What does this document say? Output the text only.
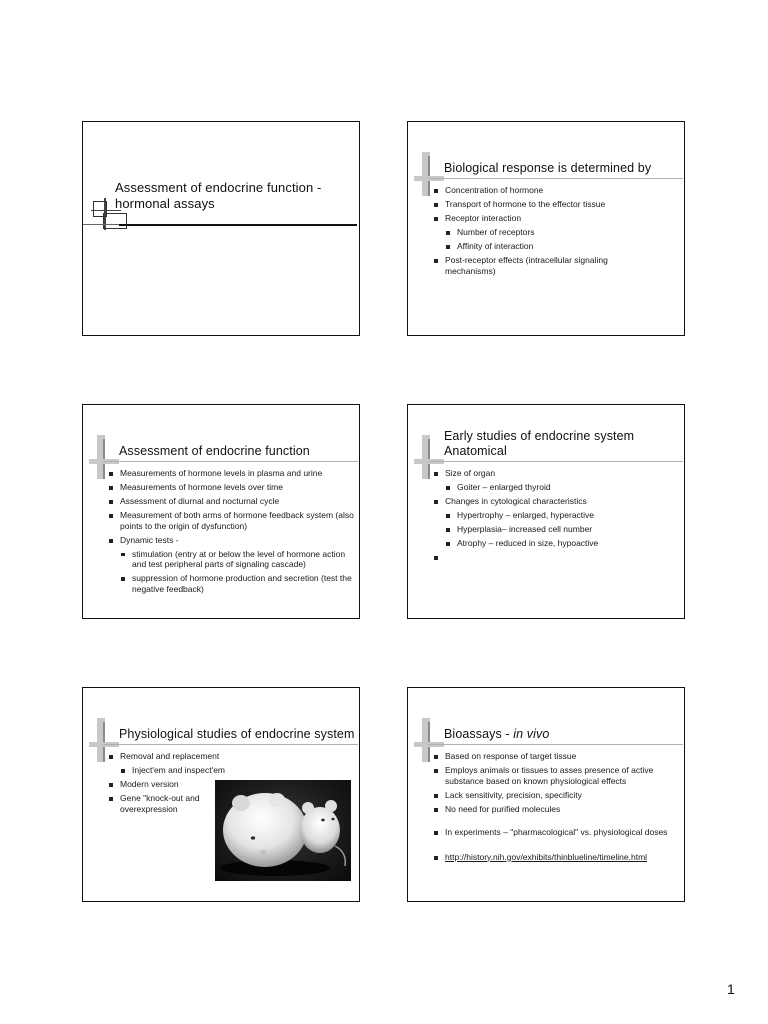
Assessment of endocrine function -
hormonal assays
Biological response is determined by
Concentration of hormone
Transport of hormone to the effector tissue
Receptor interaction
Number of receptors
Affinity of interaction
Post-receptor effects (intracellular signaling mechanisms)
Assessment of endocrine function
Measurements of hormone levels in plasma and urine
Measurements of hormone levels over time
Assessment of diurnal and nocturnal cycle
Measurement of both arms of hormone feedback system (also points to the origin of dysfunction)
Dynamic tests -
stimulation (entry at or below the level of hormone action and test peripheral parts of signaling cascade)
suppression of hormone production and secretion (test the negative feedback)
Early studies of endocrine system
Anatomical
Size of organ
Goiter – enlarged thyroid
Changes in cytological characteristics
Hypertrophy – enlarged, hyperactive
Hyperplasia– increased cell number
Atrophy – reduced in size, hypoactive
Physiological studies of endocrine system
Removal and replacement
Inject'em and inspect'em
Modern version
Gene "knock-out and overexpression
Bioassays - in vivo
Based on response of target tissue
Employs animals or tissues to asses presence of active substance based on known physiological effects
Lack sensitivity, precision, specificity
No need for purified molecules
In experiments – "pharmacological" vs. physiological doses
http://history.nih.gov/exhibits/thinblueline/timeline.html
1
